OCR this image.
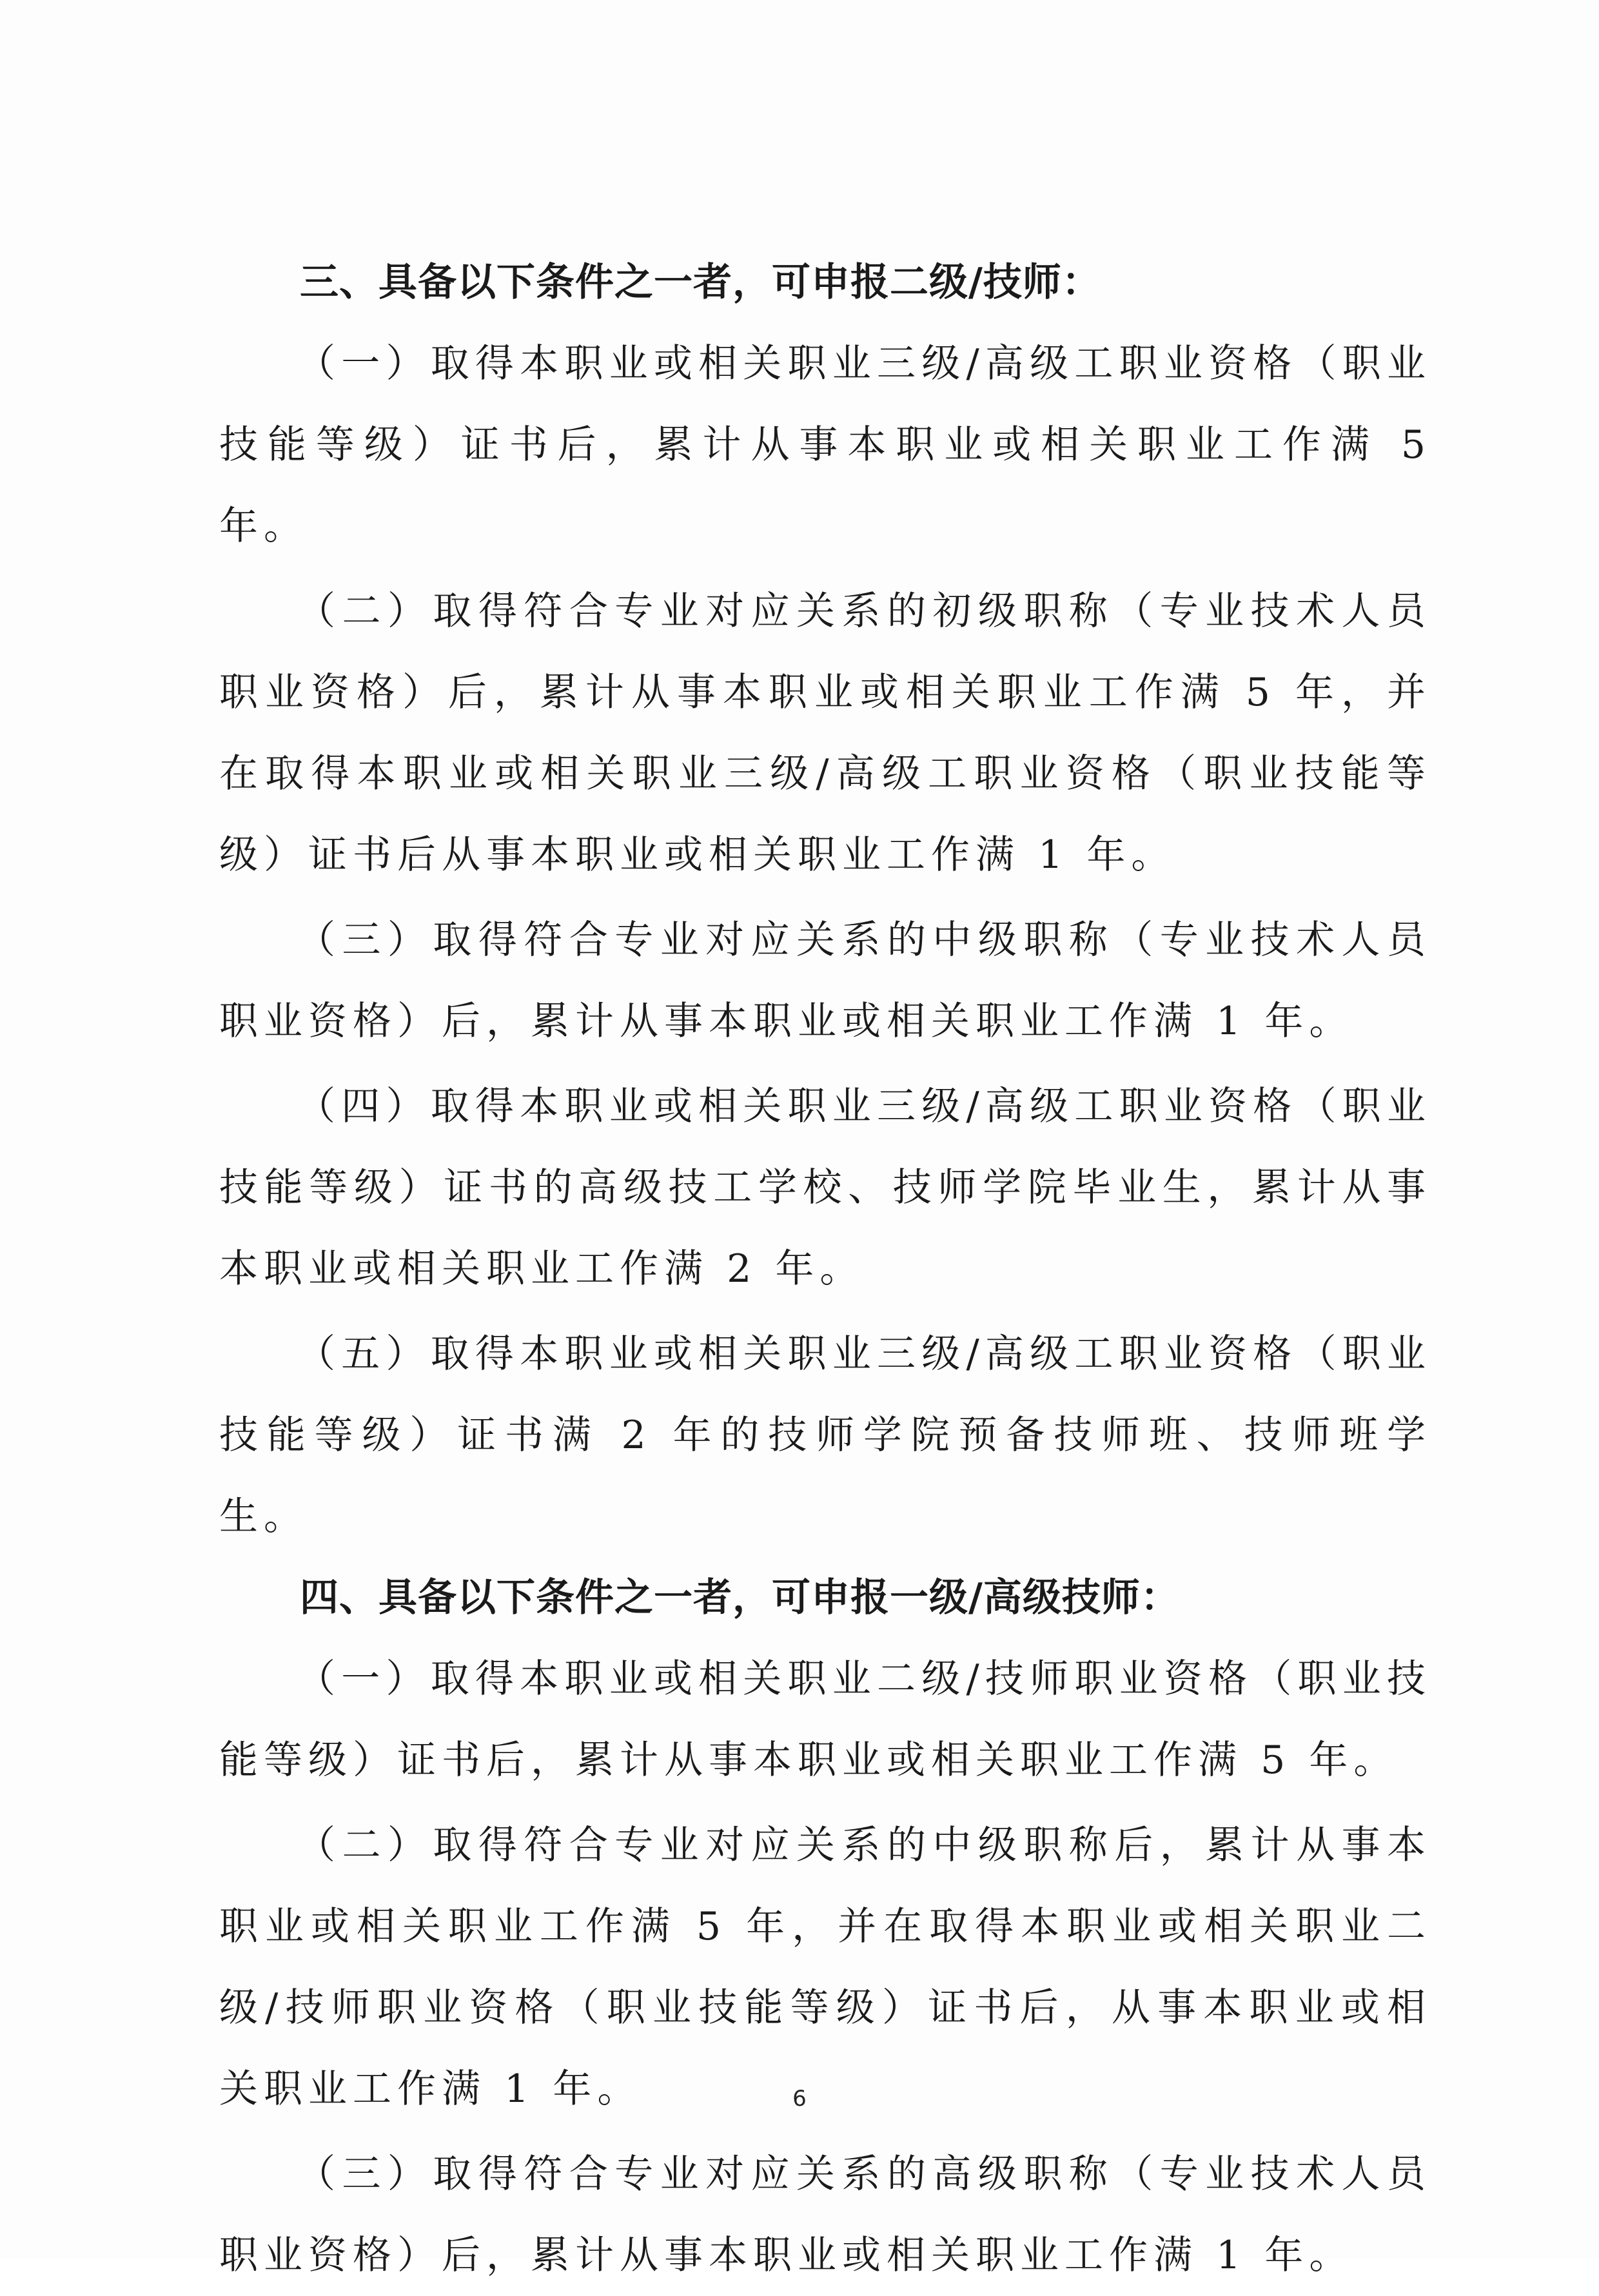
三、具备以下条件之一者，可申报二级/技师：

（一）取得本职业或相关职业三级/高级工职业资格（职业技能等级）证书后，累计从事本职业或相关职业工作满 5 年。

（二）取得符合专业对应关系的初级职称（专业技术人员职业资格）后，累计从事本职业或相关职业工作满 5 年，并在取得本职业或相关职业三级/高级工职业资格（职业技能等级）证书后从事本职业或相关职业工作满 1 年。

（三）取得符合专业对应关系的中级职称（专业技术人员职业资格）后，累计从事本职业或相关职业工作满 1 年。

（四）取得本职业或相关职业三级/高级工职业资格（职业技能等级）证书的高级技工学校、技师学院毕业生，累计从事本职业或相关职业工作满 2 年。

（五）取得本职业或相关职业三级/高级工职业资格（职业技能等级）证书满 2 年的技师学院预备技师班、技师班学生。

四、具备以下条件之一者，可申报一级/高级技师：

（一）取得本职业或相关职业二级/技师职业资格（职业技能等级）证书后，累计从事本职业或相关职业工作满 5 年。

（二）取得符合专业对应关系的中级职称后，累计从事本职业或相关职业工作满 5 年，并在取得本职业或相关职业二级/技师职业资格（职业技能等级）证书后，从事本职业或相关职业工作满 1 年。

（三）取得符合专业对应关系的高级职称（专业技术人员职业资格）后，累计从事本职业或相关职业工作满 1 年。

6
